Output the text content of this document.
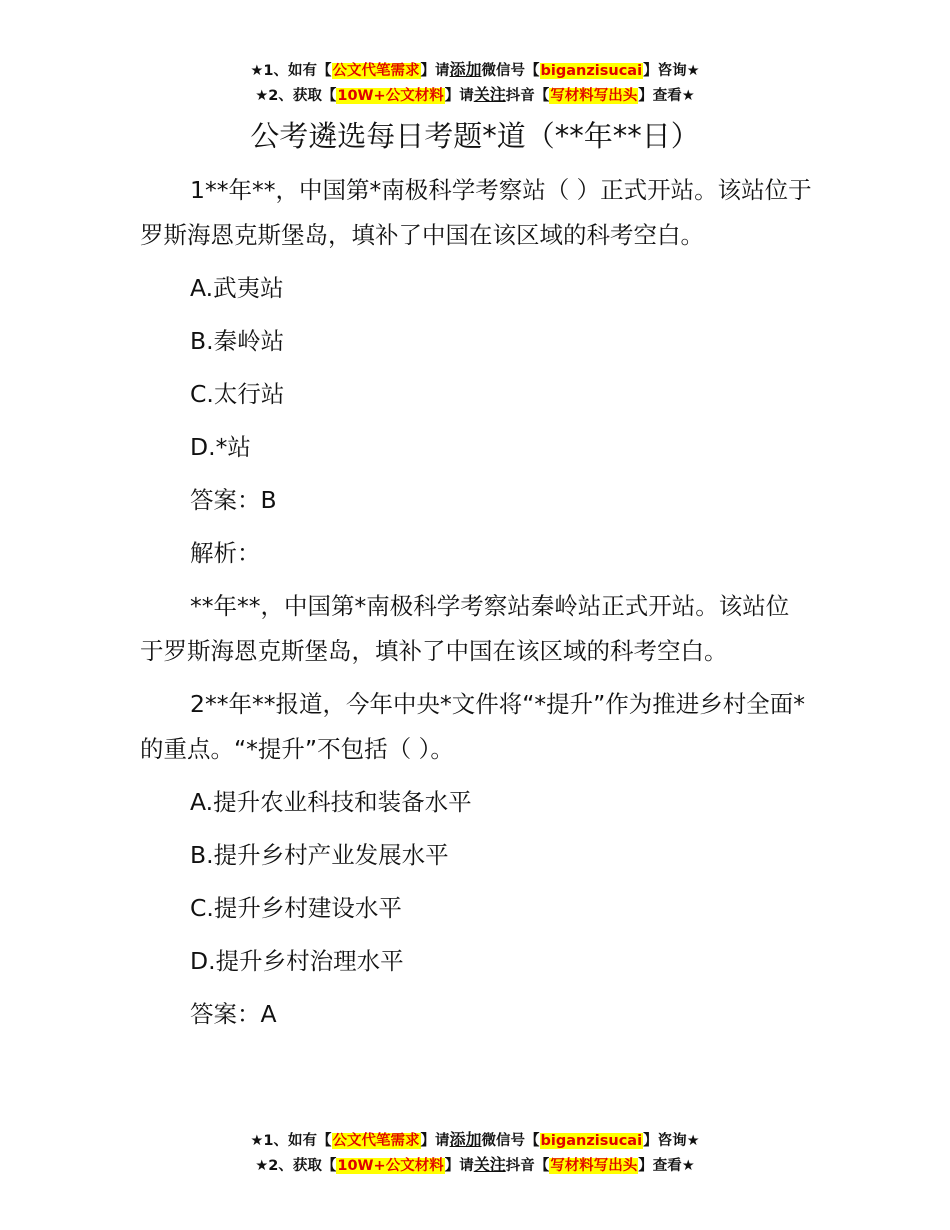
★1、如有【公文代笔需求】请添加微信号【biganzisucai】咨询★
★2、获取【10W+公文材料】请关注抖音【写材料写出头】查看★
公考遴选每日考题*道（**年**日）

1**年**，中国第*南极科学考察站（ ）正式开站。该站位于罗斯海恩克斯堡岛，填补了中国在该区域的科考空白。

A.武夷站

B.秦岭站

C.太行站

D.*站

答案：B

解析：

**年**，中国第*南极科学考察站秦岭站正式开站。该站位于罗斯海恩克斯堡岛，填补了中国在该区域的科考空白。

2**年**报道，今年中央*文件将“*提升”作为推进乡村全面*的重点。“*提升”不包括（ ）。

A.提升农业科技和装备水平

B.提升乡村产业发展水平

C.提升乡村建设水平

D.提升乡村治理水平

答案：A

★1、如有【公文代笔需求】请添加微信号【biganzisucai】咨询★
★2、获取【10W+公文材料】请关注抖音【写材料写出头】查看★
